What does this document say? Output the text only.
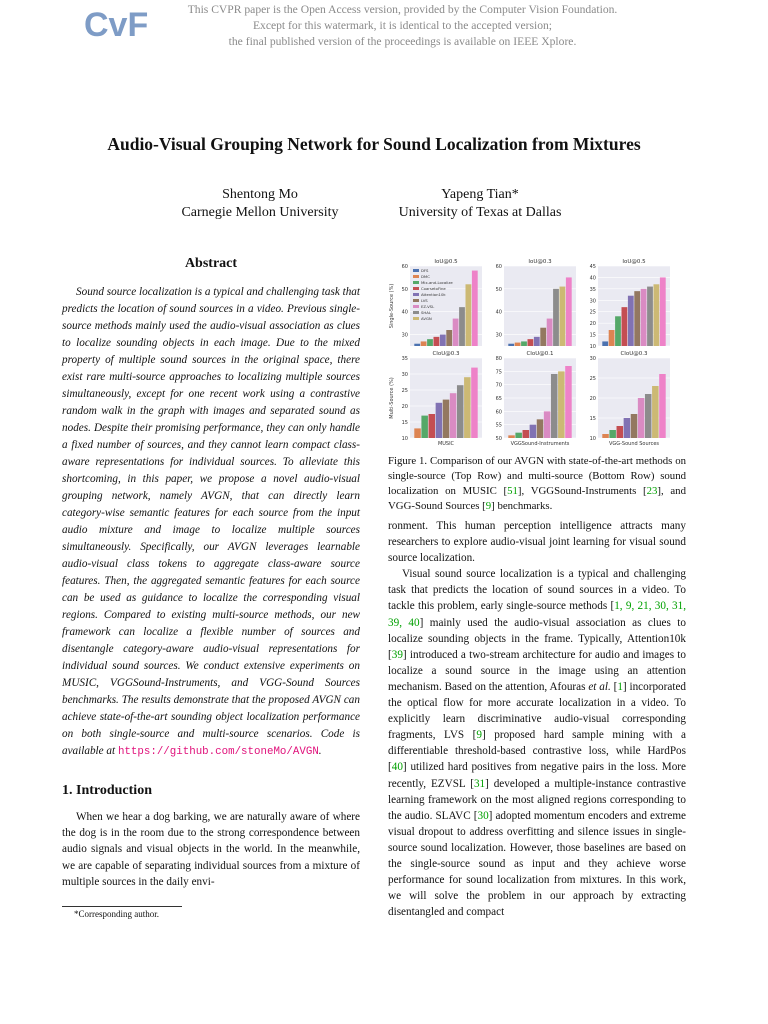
CvF	This CVPR paper is the Open Access version, provided by the Computer Vision Foundation.
Except for this watermark, it is identical to the accepted version;
the final published version of the proceedings is available on IEEE Xplore.
Audio-Visual Grouping Network for Sound Localization from Mixtures
Shentong Mo
Carnegie Mellon University
Yapeng Tian*
University of Texas at Dallas
Abstract

Sound source localization is a typical and challenging task that predicts the location of sound sources in a video. Previous single-source methods mainly used the audio-visual association as clues to localize sounding objects in each image. Due to the mixed property of multiple sound sources in the original space, there exist rare multi-source approaches to localizing multiple sources simultaneously, except for one recent work using a contrastive random walk in the graph with images and separated sound as nodes. Despite their promising performance, they can only handle a fixed number of sources, and they cannot learn compact class-aware representations for individual sources. To alleviate this shortcoming, in this paper, we propose a novel audio-visual grouping network, namely AVGN, that can directly learn category-wise semantic features for each source from the input audio mixture and image to localize multiple sources simultaneously. Specifically, our AVGN leverages learnable audio-visual class tokens to aggregate class-aware source features. Then, the aggregated semantic features for each source can be used as guidance to localize the corresponding visual regions. Compared to existing multi-source methods, our new framework can localize a flexible number of sources and disentangle category-aware audio-visual representations for individual sound sources. We conduct extensive experiments on MUSIC, VGGSound-Instruments, and VGG-Sound Sources benchmarks. The results demonstrate that the proposed AVGN can achieve state-of-the-art sounding object localization performance on both single-source and multi-source scenarios. Code is available at https://github.com/stoneMo/AVGN.

1. Introduction

When we hear a dog barking, we are naturally aware of where the dog is in the room due to the strong correspondence between audio signals and visual objects in the world. In the meanwhile, we are capable of separating individual sources from a mixture of multiple sources in the daily envi-

*Corresponding author.
30
40
50
60
IoU@0.5
30
40
50
60
IoU@0.3
10
15
20
25
30
35
40
45
IoU@0.5
10
15
20
25
30
35
CIoU@0.3
MUSIC
50
55
60
65
70
75
80
CIoU@0.1
VGGSound-Instruments
10
15
20
25
30
CIoU@0.3
VGG-Sound Sources
Single-Source (%)
Multi-Source (%)
DFS
DMC
Mix-and-Localize
CoarsetoFine
Attention10k
LVS
EZ-VSL
SHAL
AVGN

Figure 1. Comparison of our AVGN with state-of-the-art methods on single-source (Top Row) and multi-source (Bottom Row) sound localization on MUSIC [51], VGGSound-Instruments [23], and VGG-Sound Sources [9] benchmarks.

ronment. This human perception intelligence attracts many researchers to explore audio-visual joint learning for visual sound source localization.

Visual sound source localization is a typical and challenging task that predicts the location of sound sources in a video. To tackle this problem, early single-source methods [1, 9, 21, 30, 31, 39, 40] mainly used the audio-visual association as clues to localize sounding objects in the frame. Typically, Attention10k [39] introduced a two-stream architecture for audio and images to localize a sound source in the image using an attention mechanism. Based on the attention, Afouras et al. [1] incorporated the optical flow for more accurate localization in a video. To explicitly learn discriminative audio-visual corresponding fragments, LVS [9] proposed hard sample mining with a differentiable threshold-based contrastive loss, while HardPos [40] utilized hard positives from negative pairs in the loss. More recently, EZVSL [31] developed a multiple-instance contrastive learning framework on the most aligned regions corresponding to the audio. SLAVC [30] adopted momentum encoders and extreme visual dropout to address overfitting and silence issues in single-source sound localization. However, those baselines are based on the single-source sound as input and they achieve worse performance for sound localization from mixtures. In this work, we will solve the problem in our approach by extracting disentangled and compact
